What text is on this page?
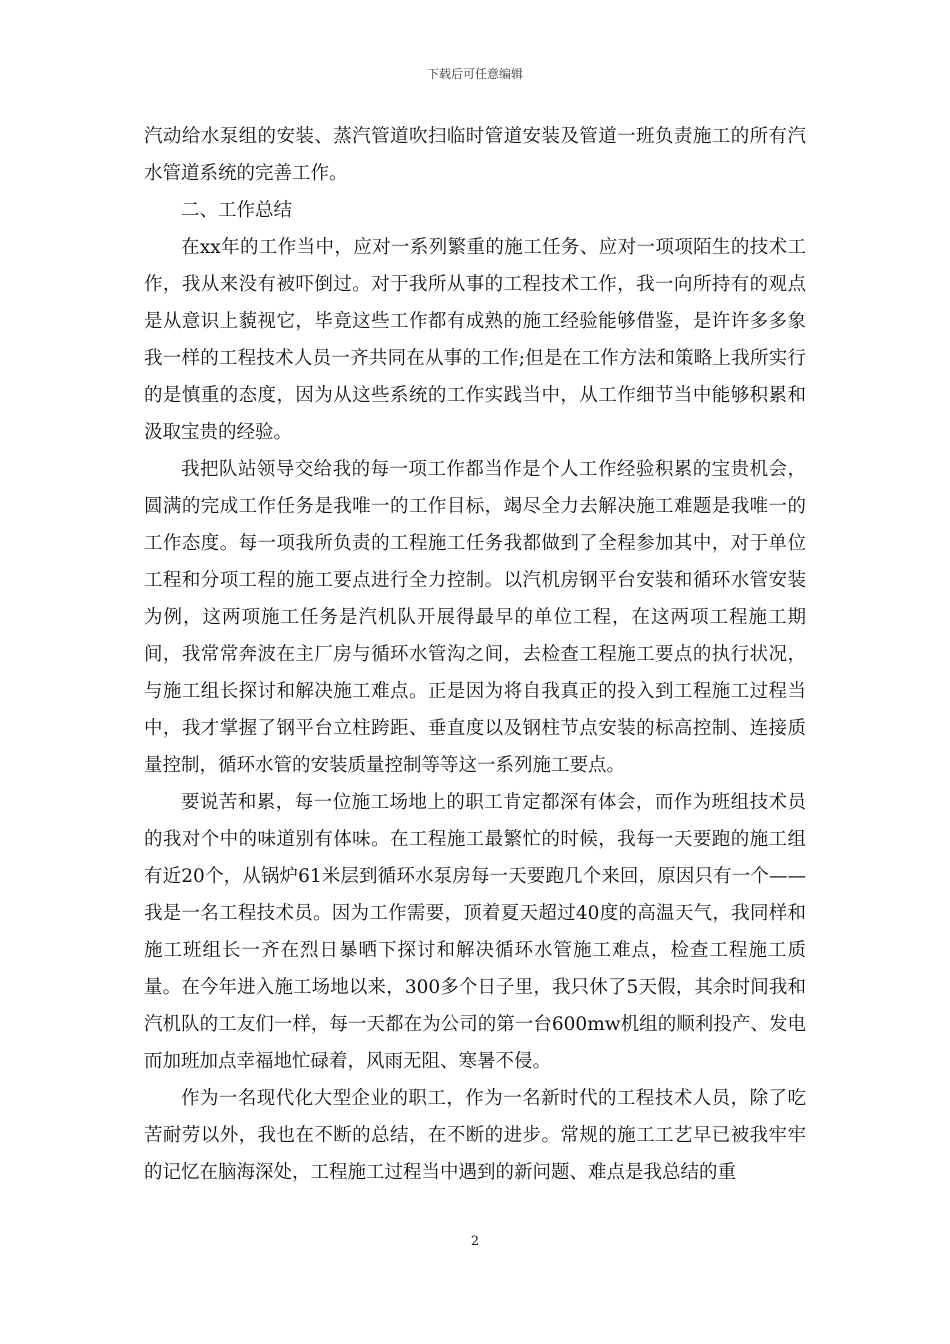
下载后可任意编辑

汽动给水泵组的安装、蒸汽管道吹扫临时管道安装及管道一班负责施工的所有汽水管道系统的完善工作。

二、工作总结

在xx年的工作当中，应对一系列繁重的施工任务、应对一项项陌生的技术工作，我从来没有被吓倒过。对于我所从事的工程技术工作，我一向所持有的观点是从意识上藐视它，毕竟这些工作都有成熟的施工经验能够借鉴，是许许多多象我一样的工程技术人员一齐共同在从事的工作;但是在工作方法和策略上我所实行的是慎重的态度，因为从这些系统的工作实践当中，从工作细节当中能够积累和汲取宝贵的经验。

我把队站领导交给我的每一项工作都当作是个人工作经验积累的宝贵机会，圆满的完成工作任务是我唯一的工作目标，竭尽全力去解决施工难题是我唯一的工作态度。每一项我所负责的工程施工任务我都做到了全程参加其中，对于单位工程和分项工程的施工要点进行全力控制。以汽机房钢平台安装和循环水管安装为例，这两项施工任务是汽机队开展得最早的单位工程，在这两项工程施工期间，我常常奔波在主厂房与循环水管沟之间，去检查工程施工要点的执行状况，与施工组长探讨和解决施工难点。正是因为将自我真正的投入到工程施工过程当中，我才掌握了钢平台立柱跨距、垂直度以及钢柱节点安装的标高控制、连接质量控制，循环水管的安装质量控制等等这一系列施工要点。

要说苦和累，每一位施工场地上的职工肯定都深有体会，而作为班组技术员的我对个中的味道别有体味。在工程施工最繁忙的时候，我每一天要跑的施工组有近20个，从锅炉61米层到循环水泵房每一天要跑几个来回，原因只有一个——我是一名工程技术员。因为工作需要，顶着夏天超过40度的高温天气，我同样和施工班组长一齐在烈日暴晒下探讨和解决循环水管施工难点，检查工程施工质量。在今年进入施工场地以来，300多个日子里，我只休了5天假，其余时间我和汽机队的工友们一样，每一天都在为公司的第一台600mw机组的顺利投产、发电而加班加点幸福地忙碌着，风雨无阻、寒暑不侵。

作为一名现代化大型企业的职工，作为一名新时代的工程技术人员，除了吃苦耐劳以外，我也在不断的总结，在不断的进步。常规的施工工艺早已被我牢牢的记忆在脑海深处，工程施工过程当中遇到的新问题、难点是我总结的重

2
